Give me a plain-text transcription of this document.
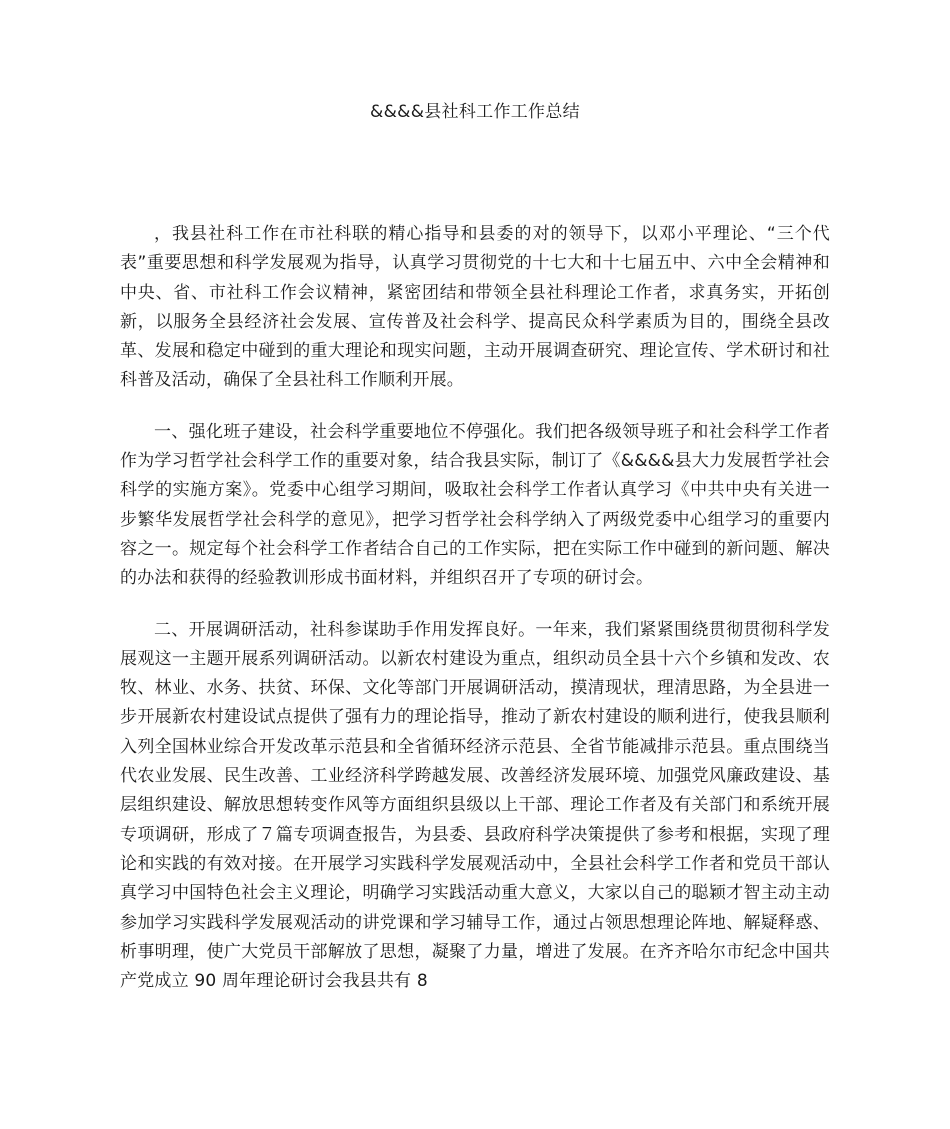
&&&&县社科工作工作总结

，我县社科工作在市社科联的精心指导和县委的对的领导下，以邓小平理论、“三个代表”重要思想和科学发展观为指导，认真学习贯彻党的十七大和十七届五中、六中全会精神和中央、省、市社科工作会议精神，紧密团结和带领全县社科理论工作者，求真务实，开拓创新，以服务全县经济社会发展、宣传普及社会科学、提高民众科学素质为目的，围绕全县改革、发展和稳定中碰到的重大理论和现实问题，主动开展调查研究、理论宣传、学术研讨和社科普及活动，确保了全县社科工作顺利开展。

一、强化班子建设，社会科学重要地位不停强化。我们把各级领导班子和社会科学工作者作为学习哲学社会科学工作的重要对象，结合我县实际，制订了《&&&&县大力发展哲学社会科学的实施方案》。党委中心组学习期间，吸取社会科学工作者认真学习《中共中央有关进一步繁华发展哲学社会科学的意见》，把学习哲学社会科学纳入了两级党委中心组学习的重要内容之一。规定每个社会科学工作者结合自己的工作实际，把在实际工作中碰到的新问题、解决的办法和获得的经验教训形成书面材料，并组织召开了专项的研讨会。

二、开展调研活动，社科参谋助手作用发挥良好。一年来，我们紧紧围绕贯彻贯彻科学发展观这一主题开展系列调研活动。以新农村建设为重点，组织动员全县十六个乡镇和发改、农牧、林业、水务、扶贫、环保、文化等部门开展调研活动，摸清现状，理清思路，为全县进一步开展新农村建设试点提供了强有力的理论指导，推动了新农村建设的顺利进行，使我县顺利入列全国林业综合开发改革示范县和全省循环经济示范县、全省节能减排示范县。重点围绕当代农业发展、民生改善、工业经济科学跨越发展、改善经济发展环境、加强党风廉政建设、基层组织建设、解放思想转变作风等方面组织县级以上干部、理论工作者及有关部门和系统开展专项调研，形成了７篇专项调查报告，为县委、县政府科学决策提供了参考和根据，实现了理论和实践的有效对接。在开展学习实践科学发展观活动中，全县社会科学工作者和党员干部认真学习中国特色社会主义理论，明确学习实践活动重大意义，大家以自己的聪颖才智主动主动参加学习实践科学发展观活动的讲党课和学习辅导工作，通过占领思想理论阵地、解疑释惑、析事明理，使广大党员干部解放了思想，凝聚了力量，增进了发展。在齐齐哈尔市纪念中国共产党成立 90 周年理论研讨会我县共有 8
